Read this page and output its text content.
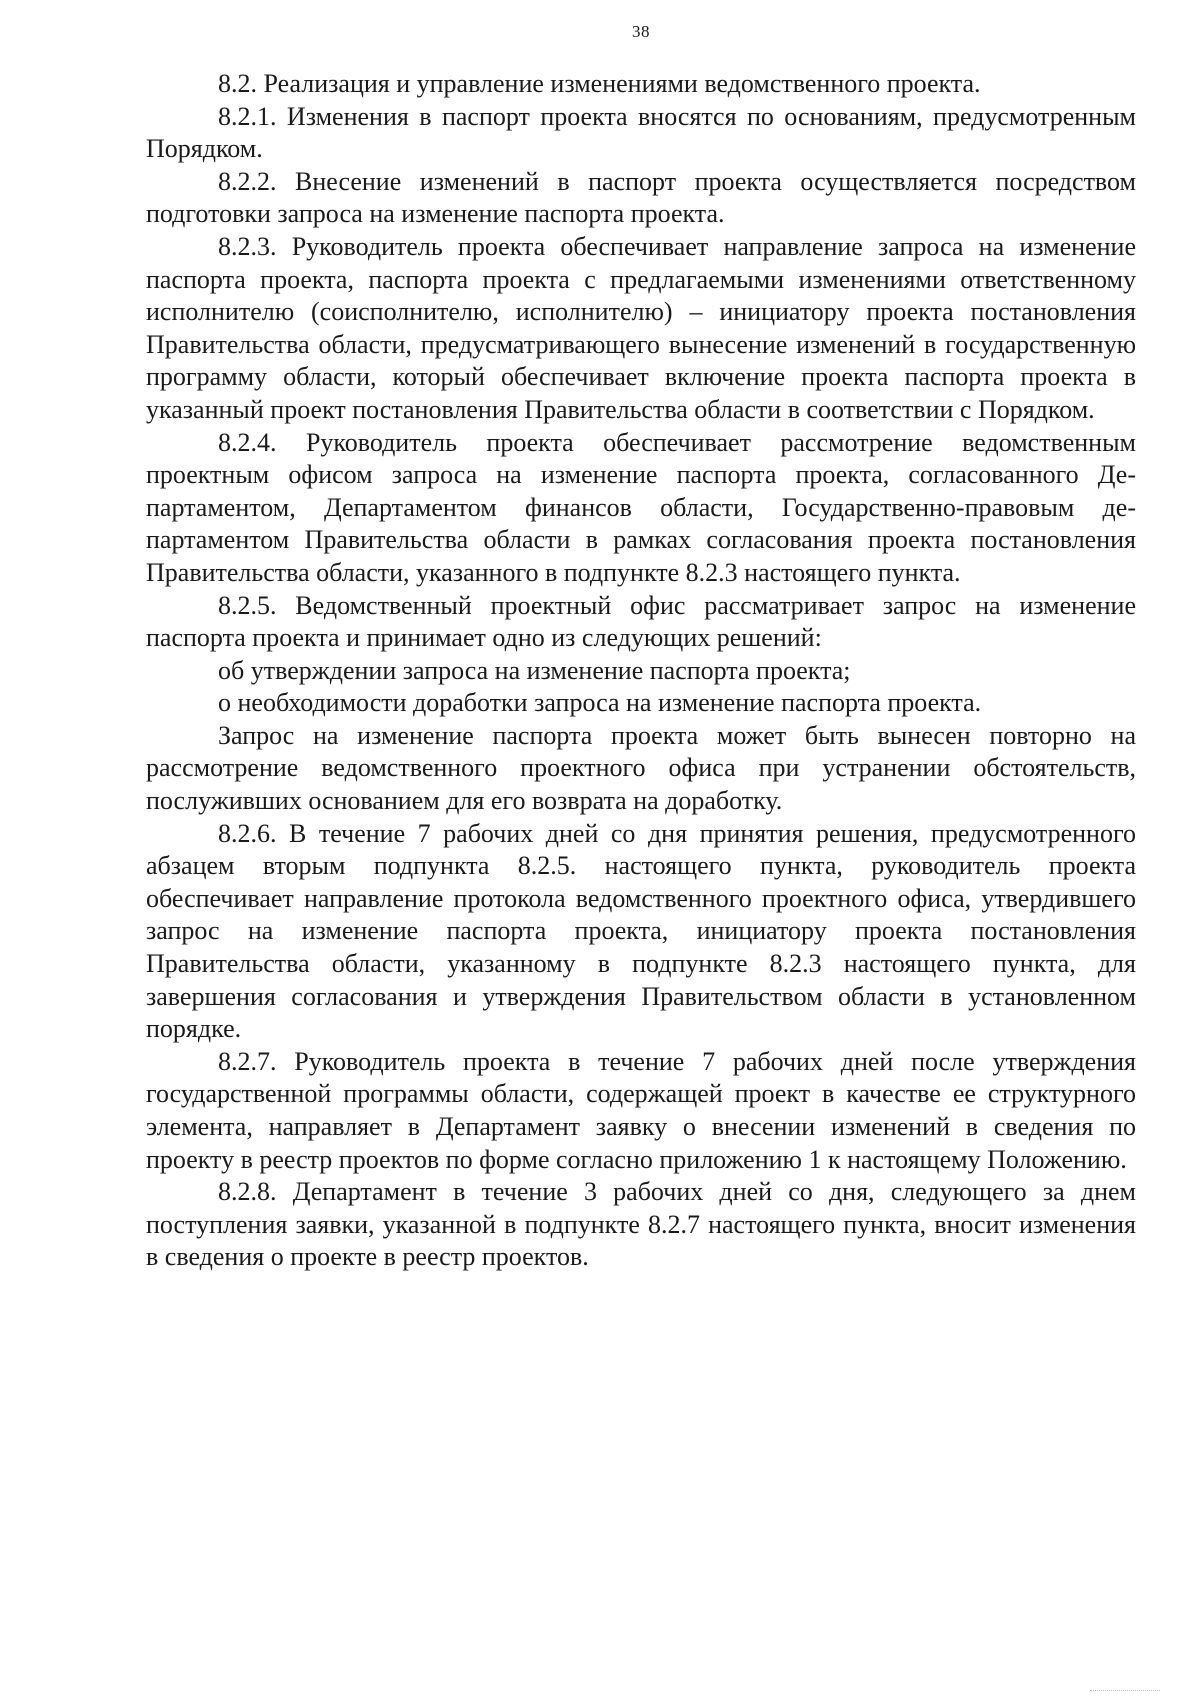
38

8.2. Реализация и управление изменениями ведомственного проекта.

8.2.1. Изменения в паспорт проекта вносятся по основаниям, предусмотренным Порядком.

8.2.2. Внесение изменений в паспорт проекта осуществляется посредством подготовки запроса на изменение паспорта проекта.

8.2.3. Руководитель проекта обеспечивает направление запроса на изменение паспорта проекта, паспорта проекта с предлагаемыми изменениями ответственному исполнителю (соисполнителю, исполнителю) – инициатору проекта постановления Правительства области, предусматривающего вынесение изменений в государственную программу области, который обеспечивает включение проекта паспорта проекта в указанный проект постановления Правительства области в соответствии с Порядком.

8.2.4. Руководитель проекта обеспечивает рассмотрение ведомственным проектным офисом запроса на изменение паспорта проекта, согласованного Департаментом, Департаментом финансов области, Государственно-правовым департаментом Правительства области в рамках согласования проекта постановления Правительства области, указанного в подпункте 8.2.3 настоящего пункта.

8.2.5. Ведомственный проектный офис рассматривает запрос на изменение паспорта проекта и принимает одно из следующих решений:

об утверждении запроса на изменение паспорта проекта;

о необходимости доработки запроса на изменение паспорта проекта.

Запрос на изменение паспорта проекта может быть вынесен повторно на рассмотрение ведомственного проектного офиса при устранении обстоятельств, послуживших основанием для его возврата на доработку.

8.2.6. В течение 7 рабочих дней со дня принятия решения, предусмотренного абзацем вторым подпункта 8.2.5. настоящего пункта, руководитель проекта обеспечивает направление протокола ведомственного проектного офиса, утвердившего запрос на изменение паспорта проекта, инициатору проекта постановления Правительства области, указанному в подпункте 8.2.3 настоящего пункта, для завершения согласования и утверждения Правительством области в установленном порядке.

8.2.7. Руководитель проекта в течение 7 рабочих дней после утверждения государственной программы области, содержащей проект в качестве ее структурного элемента, направляет в Департамент заявку о внесении изменений в сведения по проекту в реестр проектов по форме согласно приложению 1 к настоящему Положению.

8.2.8. Департамент в течение 3 рабочих дней со дня, следующего за днем поступления заявки, указанной в подпункте 8.2.7 настоящего пункта, вносит изменения в сведения о проекте в реестр проектов.
